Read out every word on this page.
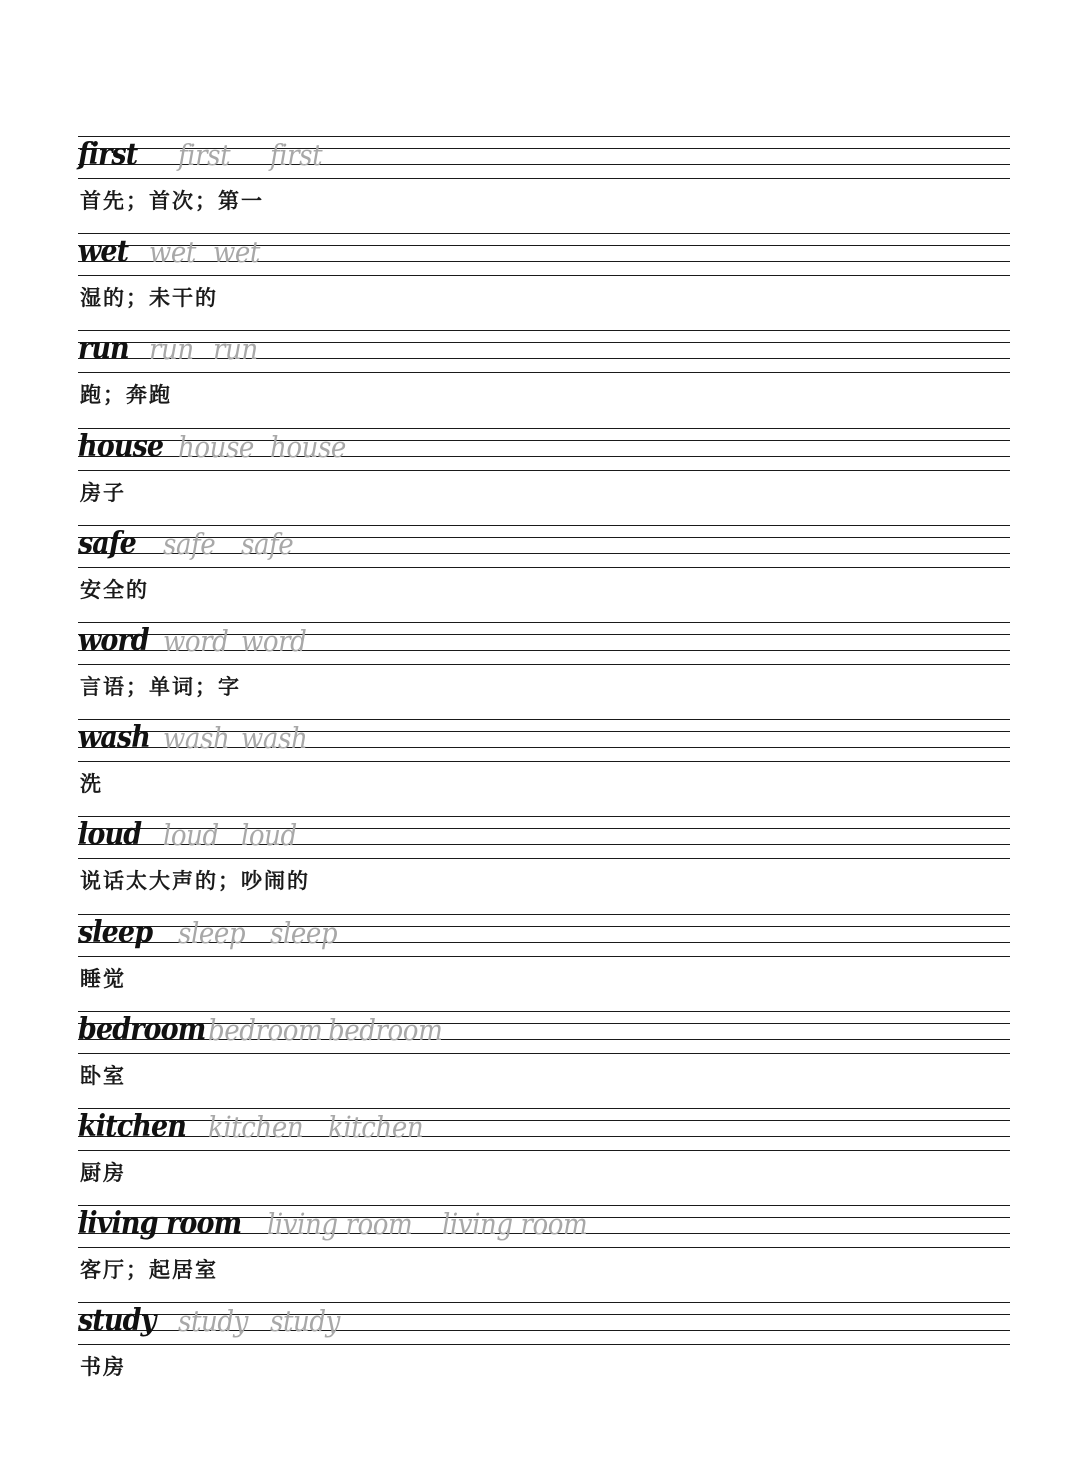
first first first
首先；首次；第一
wet wet wet
湿的；未干的
run run run
跑；奔跑
house house house
房子
safe safe safe
安全的
word word word
言语；单词；字
wash wash wash
洗
loud loud loud
说话太大声的；吵闹的
sleep sleep sleep
睡觉
bedroom bedroom bedroom
卧室
kitchen kitchen kitchen
厨房
living room living room living room
客厅；起居室
study study study
书房
